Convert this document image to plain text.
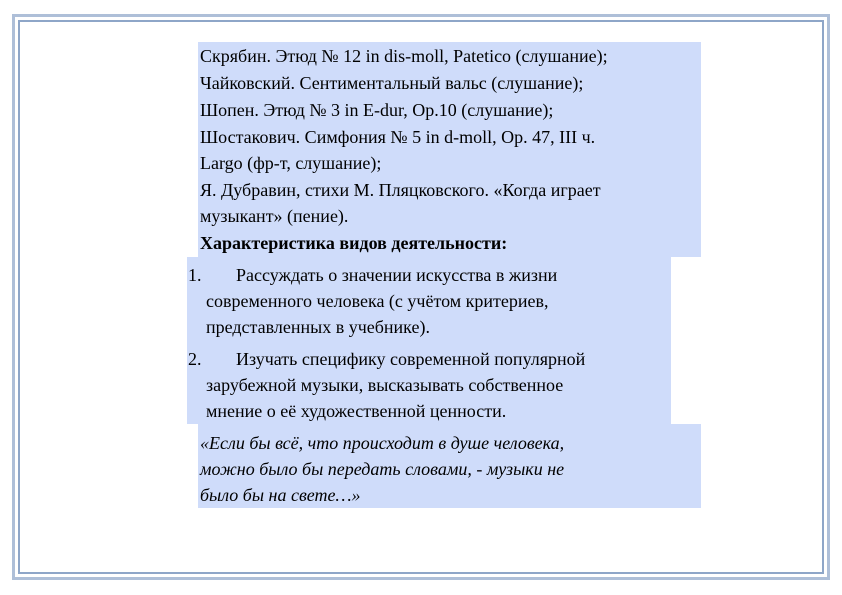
Скрябин. Этюд № 12 in dis-moll, Patetico (слушание);
Чайковский. Сентиментальный вальс (слушание);
Шопен. Этюд № 3 in E-dur, Op.10 (слушание);
Шостакович. Симфония № 5 in d-moll, Op. 47, III ч.
Largo (фр-т, слушание);
Я. Дубравин, стихи М. Пляцковского. «Когда играет
музыкант» (пение).
Характеристика видов деятельности:
1. Рассуждать о значении искусства в жизни
современного человека (с учётом критериев,
представленных в учебнике).
2. Изучать специфику современной популярной
зарубежной музыки, высказывать собственное
мнение о её художественной ценности.
«Если бы всё, что происходит в душе человека,
можно было бы передать словами, - музыки не
было бы на свете…»
